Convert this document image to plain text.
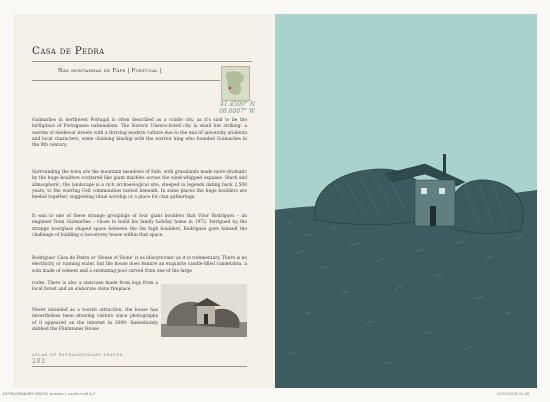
Casa de Pedra
Nas montanhas de Fafe | Portugal |
41.4500° N
08.6007° W

Guimarães in northwest Portugal is often described as a cradle city, as it's said to be the birthplace of Portuguese nationalism. The historic Unesco-listed city is small but striking: a warren of medieval streets with a thriving modern culture due to the mix of university students and local characters, some claiming kinship with the warrior king who founded Guimarães in the 9th century.

Surrounding the town are the mountain meadows of Fafe, with grasslands made more dramatic by the huge boulders scattered like giant marbles across the wind-whipped expanse. Stark and atmospheric, the landscape is a rich archaeological site, steeped in legends dating back 2,500 years, to the warring Celt communities buried beneath. In some places the huge boulders are heeled together, suggesting ritual worship or a place for clan gatherings.

It was to one of these strange groupings of four giant boulders that Vitor Rodrigues – an engineer from Guimarães – chose to build his family holiday home in 1972. Intrigued by the strange hourglass shaped space between the 3m high boulders, Rodrigues gave himself the challenge of building a two-storey house within that space.

Rodrigues' Casa de Pedra or 'House of Stone' is as idiosyncratic as it is rudimentary. There is no electricity or running water, but the house does feature an exquisite candle-filled candelabra, a sofa made of cement and a swimming pool carved from one of the large

rocks. There is also a staircase made from logs from a local forest and an elaborate stone fireplace.

Never intended as a tourist attraction, the house has nevertheless been drawing visitors since photographs of it appeared on the internet in 2009. Immediately dubbed the Flintstones House

ATLAS OF EXTRAORDINARY SPACES
202
EXTRAORDINARY SPACES spreads 1 contin.indd 6-7	07/10/2016 12:36
